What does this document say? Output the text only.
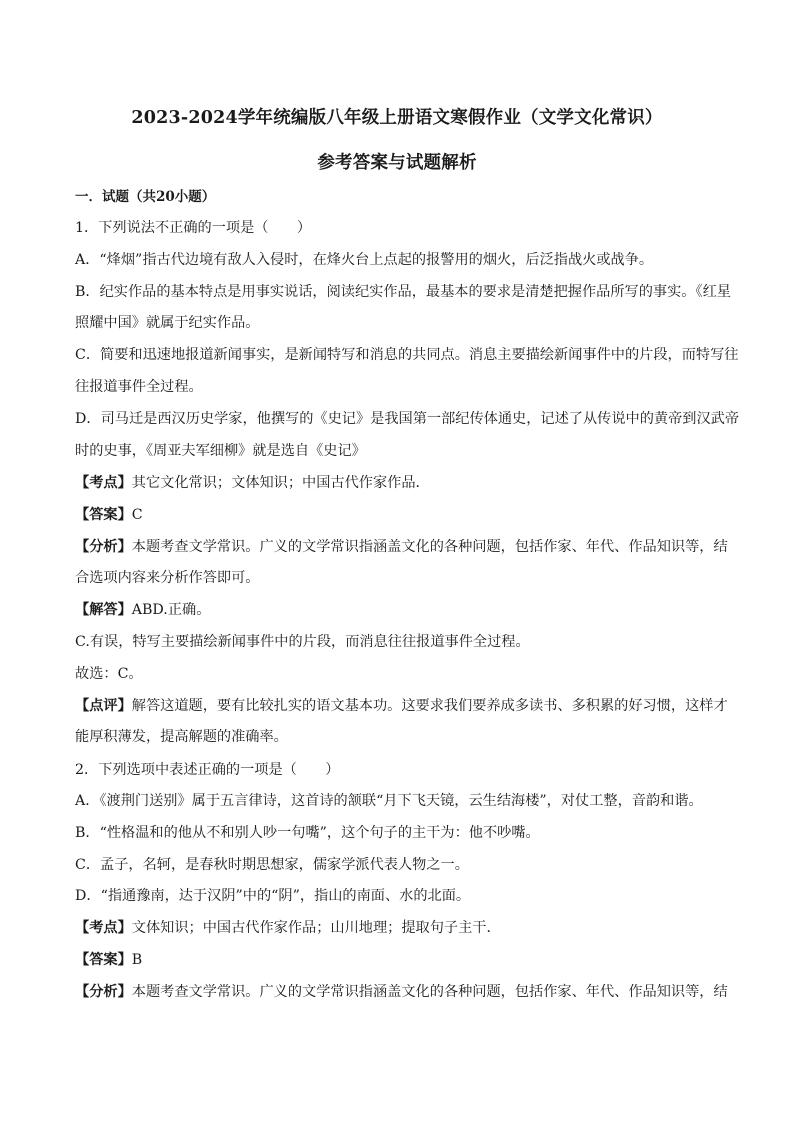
2023-2024学年统编版八年级上册语文寒假作业（文学文化常识）
参考答案与试题解析
一．试题（共20小题）
1．下列说法不正确的一项是（　　）
A．“烽烟”指古代边境有敌人入侵时，在烽火台上点起的报警用的烟火，后泛指战火或战争。
B．纪实作品的基本特点是用事实说话，阅读纪实作品，最基本的要求是清楚把握作品所写的事实。《红星
照耀中国》就属于纪实作品。
C．简要和迅速地报道新闻事实，是新闻特写和消息的共同点。消息主要描绘新闻事件中的片段，而特写往
往报道事件全过程。
D．司马迁是西汉历史学家，他撰写的《史记》是我国第一部纪传体通史，记述了从传说中的黄帝到汉武帝
时的史事，《周亚夫军细柳》就是选自《史记》
【考点】其它文化常识；文体知识；中国古代作家作品．
【答案】C
【分析】本题考查文学常识。广义的文学常识指涵盖文化的各种问题，包括作家、年代、作品知识等，结
合选项内容来分析作答即可。
【解答】ABD.正确。
C.有误，特写主要描绘新闻事件中的片段，而消息往往报道事件全过程。
故选：C。
【点评】解答这道题，要有比较扎实的语文基本功。这要求我们要养成多读书、多积累的好习惯，这样才
能厚积薄发，提高解题的准确率。
2．下列选项中表述正确的一项是（　　）
A．《渡荆门送别》属于五言律诗，这首诗的颔联“月下飞天镜，云生结海楼”，对仗工整，音韵和谐。
B．“性格温和的他从不和别人吵一句嘴”，这个句子的主干为：他不吵嘴。
C．孟子，名轲，是春秋时期思想家，儒家学派代表人物之一。
D．“指通豫南，达于汉阴”中的“阴”，指山的南面、水的北面。
【考点】文体知识；中国古代作家作品；山川地理；提取句子主干．
【答案】B
【分析】本题考查文学常识。广义的文学常识指涵盖文化的各种问题，包括作家、年代、作品知识等，结
